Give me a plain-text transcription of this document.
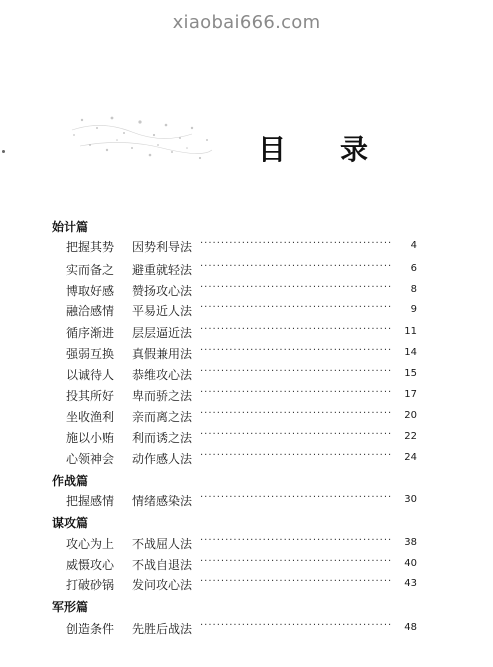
xiaobai666.com
目 录
始计篇
把握其势 因势利导法 ··············································	4
实而备之 避重就轻法 ··············································	6
博取好感 赞扬攻心法 ··············································	8
融洽感情 平易近人法 ··············································	9
循序渐进 层层逼近法 ··············································	11
强弱互换 真假兼用法 ··············································	14
以诚待人 恭维攻心法 ··············································	15
投其所好 卑而骄之法 ··············································	17
坐收渔利 亲而离之法 ··············································	20
施以小贿 利而诱之法 ··············································	22
心领神会 动作感人法 ··············································	24
作战篇
把握感情 情绪感染法 ··············································	30
谋攻篇
攻心为上 不战屈人法 ··············································	38
威慑攻心 不战自退法 ··············································	40
打破砂锅 发问攻心法 ··············································	43
军形篇
创造条件 先胜后战法 ··············································	48
